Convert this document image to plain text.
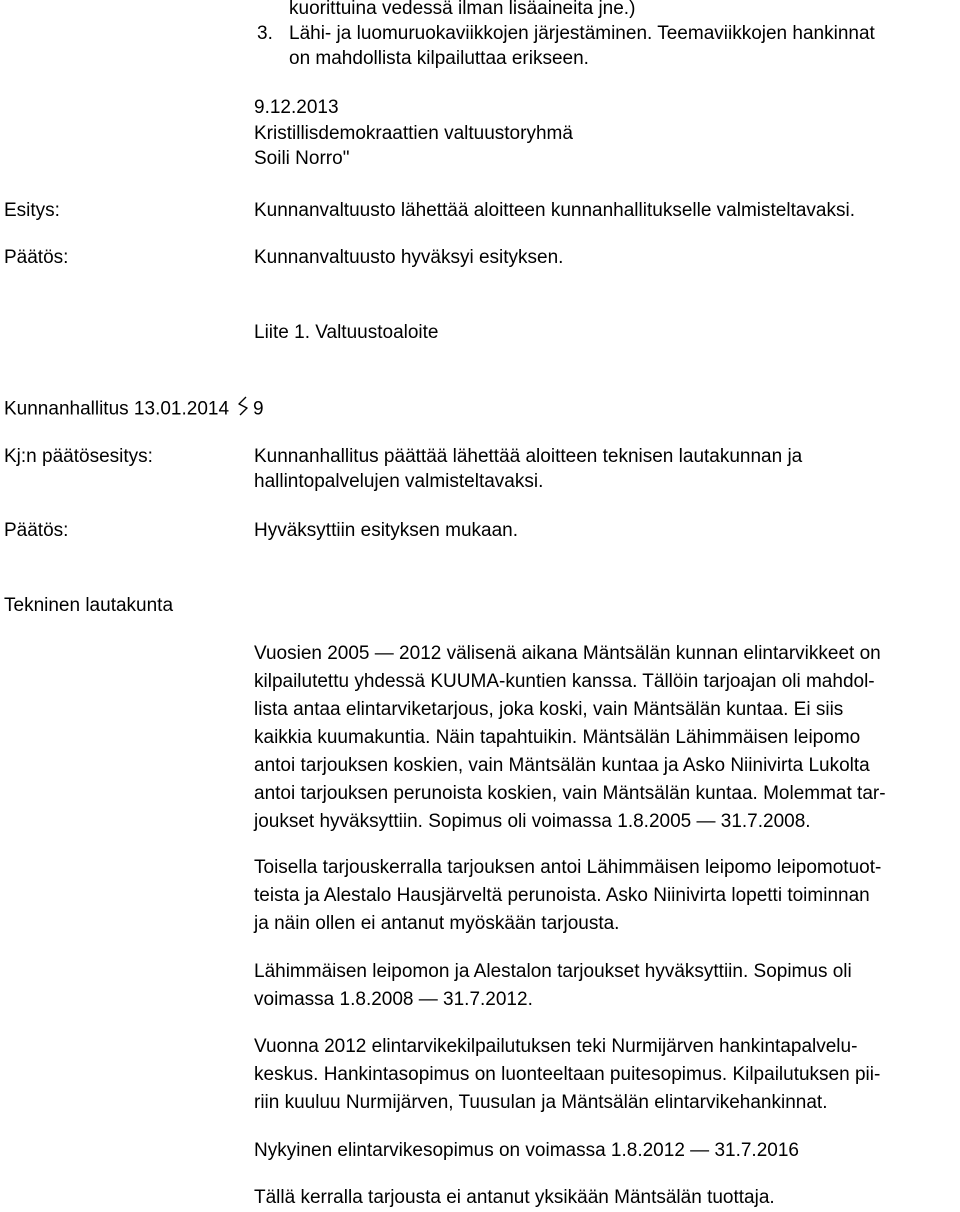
kuorittuina vedessä ilman lisäaineita jne.)
3. Lähi- ja luomuruokaviikkojen järjestäminen. Teemaviikkojen hankinnat
on mahdollista kilpailuttaa erikseen.
9.12.2013
Kristillisdemokraattien valtuustoryhmä
Soili Norro"
Esitys:	Kunnanvaltuusto lähettää aloitteen kunnanhallitukselle valmisteltavaksi.
Päätös:	Kunnanvaltuusto hyväksyi esityksen.
Liite 1. Valtuustoaloite
Kunnanhallitus 13.01.2014 9
Kj:n päätösesitys:	Kunnanhallitus päättää lähettää aloitteen teknisen lautakunnan ja
hallintopalvelujen valmisteltavaksi.
Päätös:	Hyväksyttiin esityksen mukaan.
Tekninen lautakunta
Vuosien 2005 — 2012 välisenä aikana Mäntsälän kunnan elintarvikkeet on
kilpailutettu yhdessä KUUMA-kuntien kanssa. Tällöin tarjoajan oli mahdol-
lista antaa elintarviketarjous, joka koski, vain Mäntsälän kuntaa. Ei siis
kaikkia kuumakuntia. Näin tapahtuikin. Mäntsälän Lähimmäisen leipomo
antoi tarjouksen koskien, vain Mäntsälän kuntaa ja Asko Niinivirta Lukolta
antoi tarjouksen perunoista koskien, vain Mäntsälän kuntaa. Molemmat tar-
joukset hyväksyttiin. Sopimus oli voimassa 1.8.2005 — 31.7.2008.
Toisella tarjouskerralla tarjouksen antoi Lähimmäisen leipomo leipomotuot-
teista ja Alestalo Hausjärveltä perunoista. Asko Niinivirta lopetti toiminnan
ja näin ollen ei antanut myöskään tarjousta.
Lähimmäisen leipomon ja Alestalon tarjoukset hyväksyttiin. Sopimus oli
voimassa 1.8.2008 — 31.7.2012.
Vuonna 2012 elintarvikekilpailutuksen teki Nurmijärven hankintapalvelu-
keskus. Hankintasopimus on luonteeltaan puitesopimus. Kilpailutuksen pii-
riin kuuluu Nurmijärven, Tuusulan ja Mäntsälän elintarvikehankinnat.
Nykyinen elintarvikesopimus on voimassa 1.8.2012 — 31.7.2016
Tällä kerralla tarjousta ei antanut yksikään Mäntsälän tuottaja.
